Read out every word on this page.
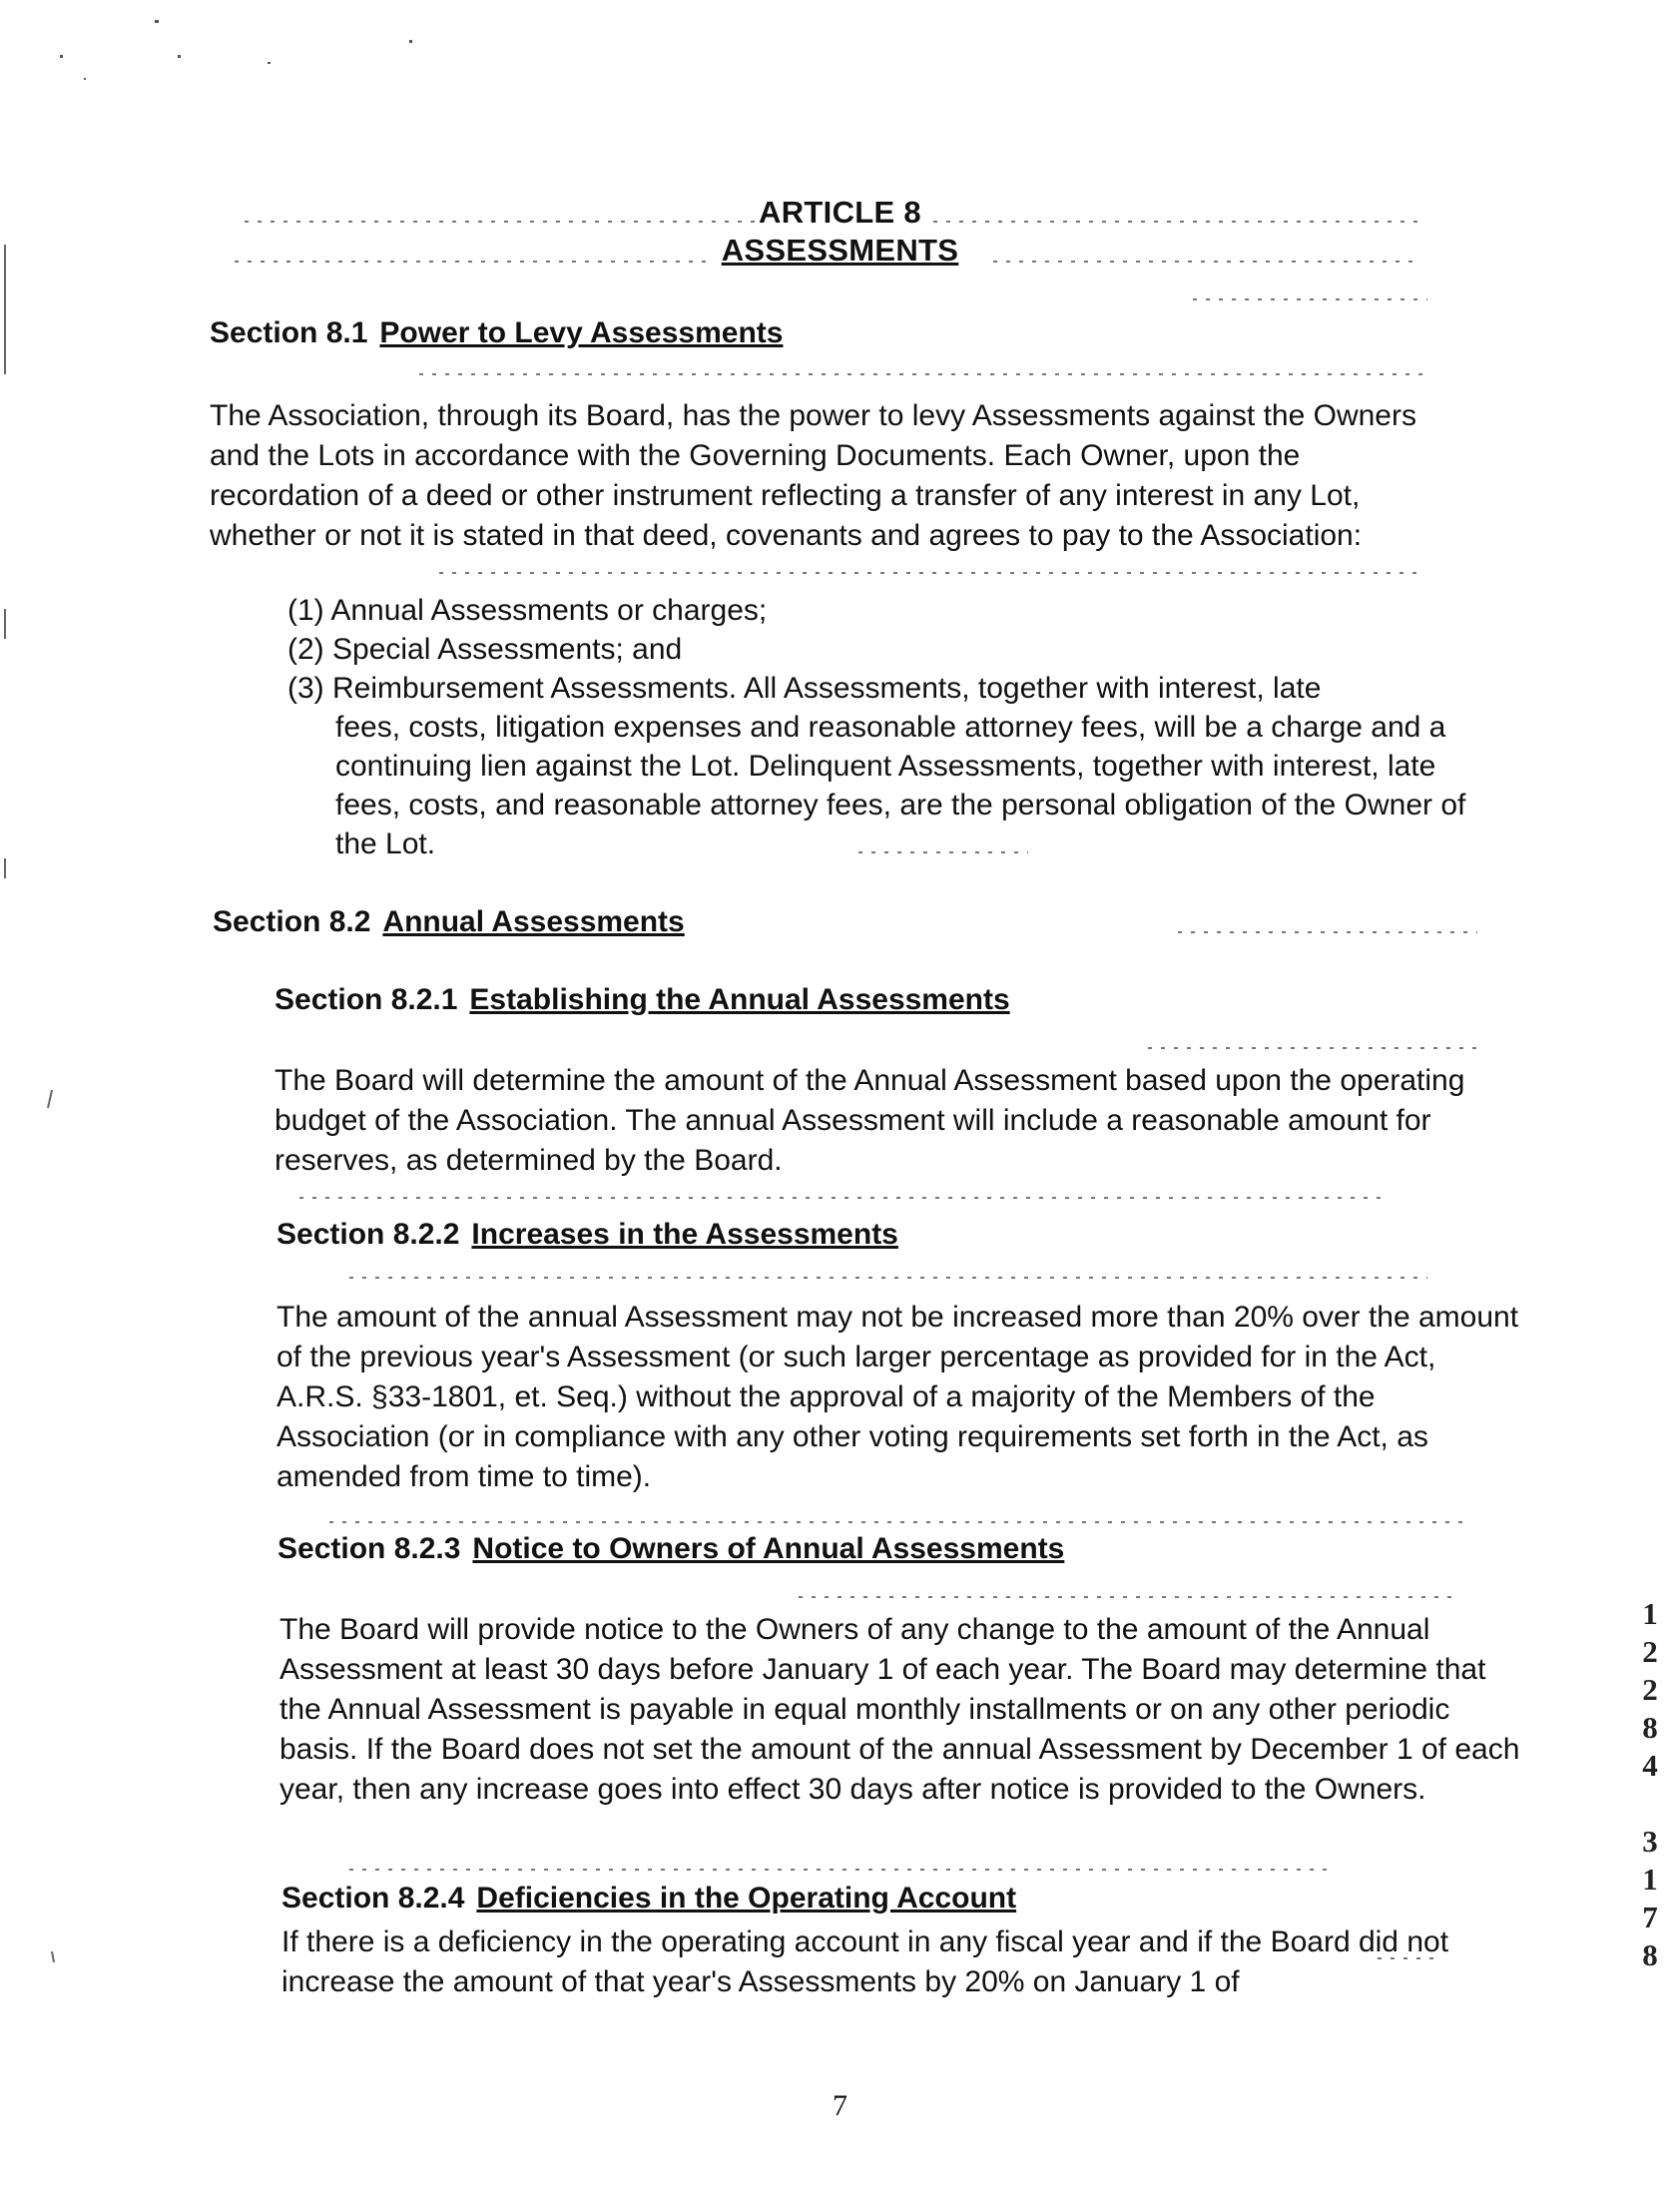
ARTICLE 8
ASSESSMENTS
Section 8.1 Power to Levy Assessments

The Association, through its Board, has the power to levy Assessments against the Owners and the Lots in accordance with the Governing Documents. Each Owner, upon the recordation of a deed or other instrument reflecting a transfer of any interest in any Lot, whether or not it is stated in that deed, covenants and agrees to pay to the Association:

(1) Annual Assessments or charges;
(2) Special Assessments; and
(3) Reimbursement Assessments. All Assessments, together with interest, late
fees, costs, litigation expenses and reasonable attorney fees, will be a charge and a continuing lien against the Lot. Delinquent Assessments, together with interest, late fees, costs, and reasonable attorney fees, are the personal obligation of the Owner of the Lot.
Section 8.2 Annual Assessments
Section 8.2.1 Establishing the Annual Assessments

The Board will determine the amount of the Annual Assessment based upon the operating budget of the Association. The annual Assessment will include a reasonable amount for reserves, as determined by the Board.

Section 8.2.2 Increases in the Assessments

The amount of the annual Assessment may not be increased more than 20% over the amount of the previous year's Assessment (or such larger percentage as provided for in the Act, A.R.S. §33-1801, et. Seq.) without the approval of a majority of the Members of the Association (or in compliance with any other voting requirements set forth in the Act, as amended from time to time).

Section 8.2.3 Notice to Owners of Annual Assessments

The Board will provide notice to the Owners of any change to the amount of the Annual Assessment at least 30 days before January 1 of each year. The Board may determine that the Annual Assessment is payable in equal monthly installments or on any other periodic basis. If the Board does not set the amount of the annual Assessment by December 1 of each year, then any increase goes into effect 30 days after notice is provided to the Owners.

Section 8.2.4 Deficiencies in the Operating Account

If there is a deficiency in the operating account in any fiscal year and if the Board did not increase the amount of that year's Assessments by 20% on January 1 of

1
2
2
8
4
3
1
7
8
7
